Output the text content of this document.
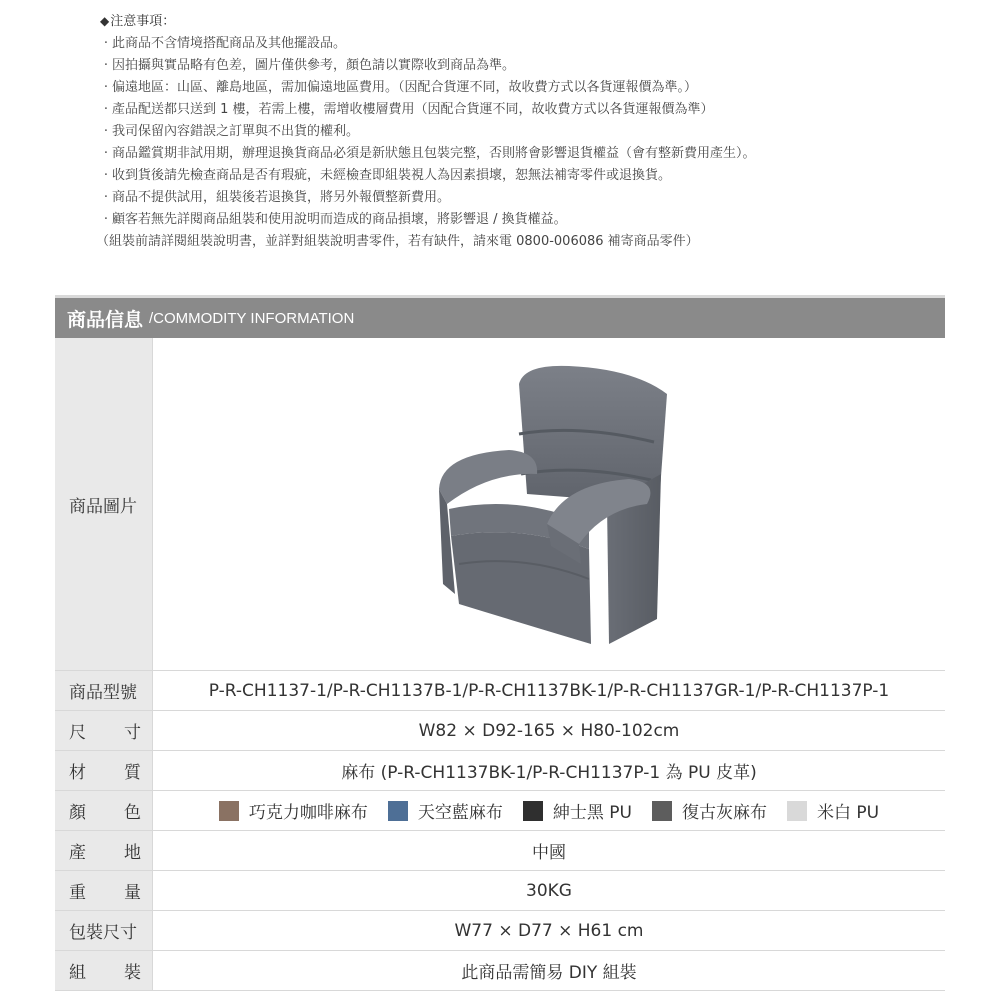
◆注意事項：
· 此商品不含情境搭配商品及其他擺設品。
· 因拍攝與實品略有色差，圖片僅供參考，顏色請以實際收到商品為準。
· 偏遠地區：山區、離島地區，需加偏遠地區費用。（因配合貨運不同，故收費方式以各貨運報價為準。）
· 產品配送都只送到 1 樓，若需上樓，需增收樓層費用（因配合貨運不同，故收費方式以各貨運報價為準）
· 我司保留內容錯誤之訂單與不出貨的權利。
· 商品鑑賞期非試用期，辦理退換貨商品必須是新狀態且包裝完整，否則將會影響退貨權益（會有整新費用產生）。
· 收到貨後請先檢查商品是否有瑕疵，未經檢查即組裝視人為因素損壞，恕無法補寄零件或退換貨。
· 商品不提供試用，組裝後若退換貨，將另外報價整新費用。
· 顧客若無先詳閱商品組裝和使用說明而造成的商品損壞，將影響退 / 換貨權益。
（組裝前請詳閱組裝說明書，並詳對組裝說明書零件，若有缺件，請來電 0800-006086 補寄商品零件）
商品信息 /COMMODITY INFORMATION
商品圖片
商品型號	P-R-CH1137-1/P-R-CH1137B-1/P-R-CH1137BK-1/P-R-CH1137GR-1/P-R-CH1137P-1
尺寸	W82 × D92-165 × H80-102cm
材質	麻布 (P-R-CH1137BK-1/P-R-CH1137P-1 為 PU 皮革)
顏色	巧克力咖啡麻布	天空藍麻布	紳士黑 PU	復古灰麻布	米白 PU
產地	中國
重量	30KG
包裝尺寸	W77 × D77 × H61 cm
組裝	此商品需簡易 DIY 組裝
